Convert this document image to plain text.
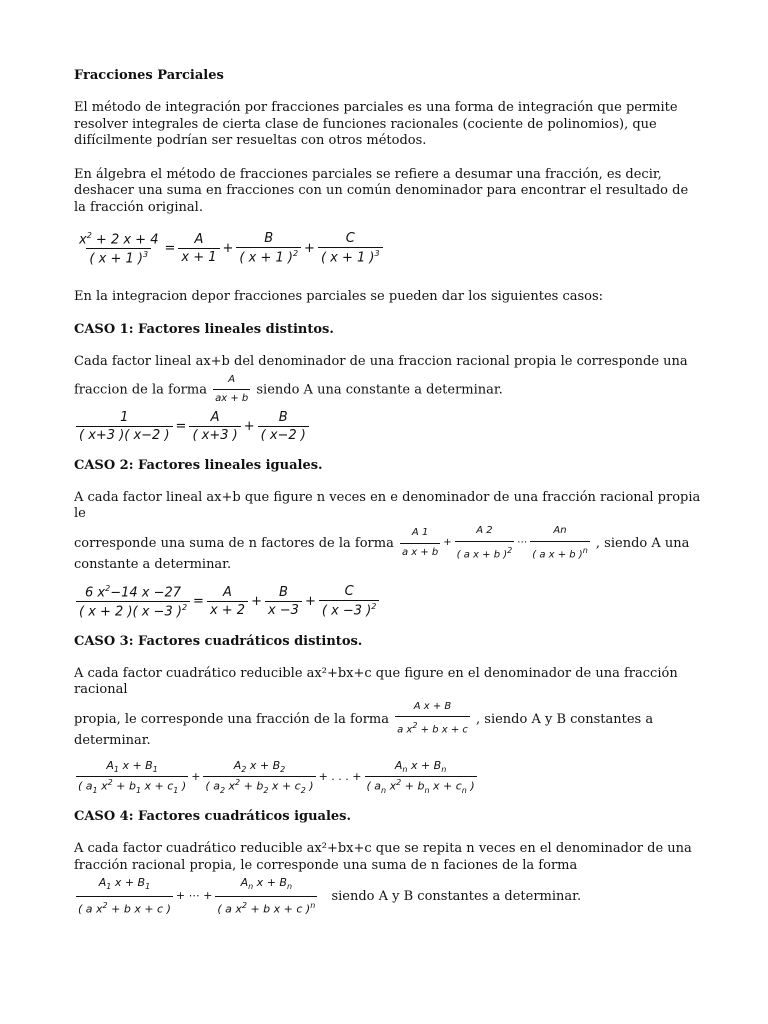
Fracciones Parciales

El método de integración por fracciones parciales es una forma de integración que permite resolver integrales de cierta clase de funciones racionales (cociente de polinomios), que difícilmente podrían ser resueltas con otros métodos.

En álgebra el método de fracciones parciales se refiere a desumar una fracción, es decir, deshacer una suma en fracciones con un común denominador para encontrar el resultado de la fracción original.

$\frac{x^2 + 2 x + 4}{( x + 1 )^3} = \frac{A}{x + 1} + \frac{B}{( x + 1 )^2} + \frac{C}{( x + 1 )^3}$

En la integracion depor fracciones parciales se pueden dar los siguientes casos:

CASO 1: Factores lineales distintos.

Cada factor lineal ax+b del denominador de una fraccion racional propia le corresponde una

fraccion de la forma $\frac{A}{ax + b}$ siendo A una constante a determinar.
$\frac{1}{( x+3 )( x-2 )} = \frac{A}{( x+3 )} + \frac{B}{( x-2 )}$

CASO 2: Factores lineales iguales.

A cada factor lineal ax+b que figure n veces en e denominador de una fracción racional propia le

corresponde una suma de n factores de la forma $\frac{A 1}{\text{a x + b}} + \frac{A 2}{( a x + b )^2}$ ⋯ $\frac{An}{( a x + b )^n}$ , siendo A una

constante a determinar.

$\frac{6 x^2-14 x -27}{( x + 2 )( x -3 )^2} = \frac{A}{x + 2} + \frac{B}{x -3} + \frac{C}{( x -3 )^2}$

CASO 3: Factores cuadráticos distintos.

A cada factor cuadrático reducible ax²+bx+c que figure en el denominador de una fracción racional

propia, le corresponde una fracción de la forma $\frac{\text{A x + B}}{a x^2 + b x + c}$ , siendo A y B constantes a

determinar.

$\frac{A_1 x + B_1}{( a_1 x^2 + b_1 x + c_1 )} + \frac{A_2 x + B_2}{( a_2 x^2 + b_2 x + c_2 )}$ + . . . + $\frac{A_n x + B_n}{( a_n x^2 + b_n x + c_n )}$

CASO 4: Factores cuadráticos iguales.

A cada factor cuadrático reducible ax²+bx+c que se repita n veces en el denominador de una

fracción racional propia, le corresponde una suma de n faciones de la forma

$\frac{A_1 x + B_1}{( a x^2 + b x + c )}$ + ⋯ + $\frac{A_n x + B_n}{( a x^2 + b x + c )^n}$ siendo A y B constantes a determinar.
